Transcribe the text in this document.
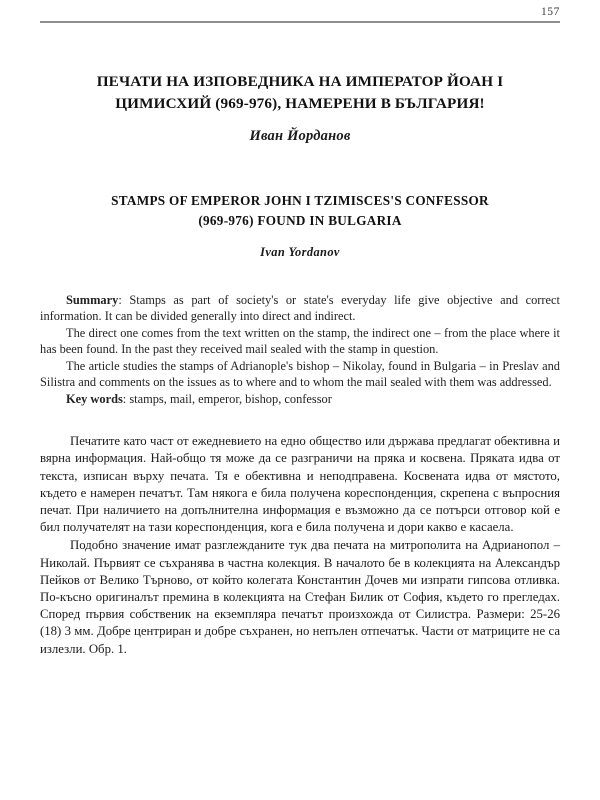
157
ПЕЧАТИ НА ИЗПОВЕДНИКА НА ИМПЕРАТОР ЙОАН I
ЦИМИСХИЙ (969-976), НАМЕРЕНИ В БЪЛГАРИЯ!
Иван Йорданов
STAMPS OF EMPEROR JOHN I TZIMISCES'S CONFESSOR
(969-976) FOUND IN BULGARIA
Ivan Yordanov

Summary: Stamps as part of society's or state's everyday life give objective and correct information. It can be divided generally into direct and indirect.

The direct one comes from the text written on the stamp, the indirect one – from the place where it has been found. In the past they received mail sealed with the stamp in question.

The article studies the stamps of Adrianople's bishop – Nikolay, found in Bulgaria – in Preslav and Silistra and comments on the issues as to where and to whom the mail sealed with them was addressed.

Key words: stamps, mail, emperor, bishop, confessor

Печатите като част от ежедневието на едно общество или държава предлагат обективна и вярна информация. Най-общо тя може да се разграничи на пряка и косвена. Пряката идва от текста, изписан върху печата. Тя е обективна и неподправена. Косвената идва от мястото, където е намерен печатът. Там някога е била получена кореспонденция, скрепена с въпросния печат. При наличието на допълнителна информация е възможно да се потърси отговор кой е бил получателят на тази кореспонденция, кога е била получена и дори какво е касаела.

Подобно значение имат разглежданите тук два печата на митрополита на Адрианопол – Николай. Първият се съхранява в частна колекция. В началото бе в колекцията на Александър Пейков от Велико Търново, от който колегата Константин Дочев ми изпрати гипсова отливка. По-късно оригиналът премина в колекцията на Стефан Билик от София, където го прегледах. Според първия собственик на екземпляра печатът произхожда от Силистра. Размери: 25-26 (18) 3 мм. Добре центриран и добре съхранен, но непълен отпечатък. Части от матриците не са излезли. Обр. 1.
